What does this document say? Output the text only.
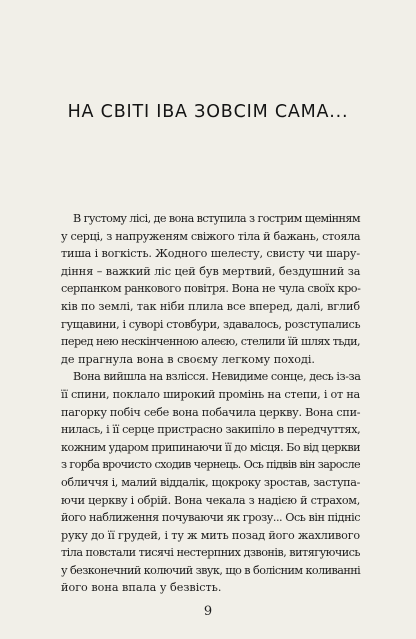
НА СВІТІ ІВА ЗОВСІМ САМА...
В густому лісі, де вона вступила з гострим щемінням
у серці, з напруженям свіжого тіла й бажань, стояла
тиша і вогкість. Жодного шелесту, свисту чи шару-
діння – важкий ліс цей був мертвий, бездушний за
серпанком ранкового повітря. Вона не чула своїх кро-
ків по землі, так ніби плила все вперед, далі, вглиб
гущавини, і суворі стовбури, здавалось, розступались
перед нею нескінченною алеєю, стелили їй шлях тьди,
де прагнула вона в своєму легкому поході.
Вона вийшла на взлісся. Невидиме сонце, десь із-за
її спини, поклало широкий промінь на степи, і от на
пагорку побіч себе вона побачила церкву. Вона спи-
нилась, і її серце пристрасно закипіло в передчуттях,
кожним ударом припинаючи її до місця. Бо від церкви
з горба врочисто сходив чернець. Ось підвів він заросле
обличчя і, малий віддалік, щокроку зростав, заступа-
ючи церкву і обрій. Вона чекала з надією й страхом,
його наближення почуваючи як грозу... Ось він підніс
руку до її грудей, і ту ж мить позад його жахливого
тіла повстали тисячі нестерпних дзвонів, витягуючись
у безконечний колючий звук, що в болісним коливанні
його вона впала у безвість.
9
